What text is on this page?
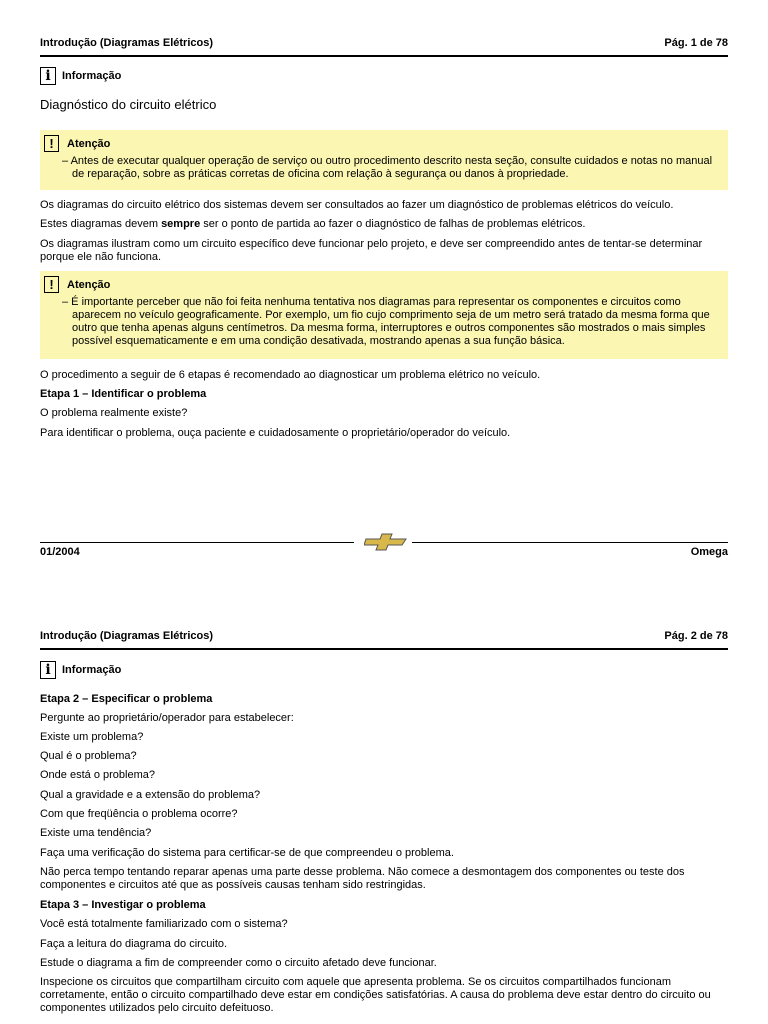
Introdução (Diagramas Elétricos)	Pág. 1 de 78
i	Informação
Diagnóstico do circuito elétrico
!	Atenção
– Antes de executar qualquer operação de serviço ou outro procedimento descrito nesta seção, consulte cuidados e notas no manual de reparação, sobre as práticas corretas de oficina com relação à segurança ou danos à propriedade.
Os diagramas do circuito elétrico dos sistemas devem ser consultados ao fazer um diagnóstico de problemas elétricos do veículo.
Estes diagramas devem sempre ser o ponto de partida ao fazer o diagnóstico de falhas de problemas elétricos.
Os diagramas ilustram como um circuito específico deve funcionar pelo projeto, e deve ser compreendido antes de tentar-se determinar porque ele não funciona.
!	Atenção
– É importante perceber que não foi feita nenhuma tentativa nos diagramas para representar os componentes e circuitos como aparecem no veículo geograficamente. Por exemplo, um fio cujo comprimento seja de um metro será tratado da mesma forma que outro que tenha apenas alguns centímetros. Da mesma forma, interruptores e outros componentes são mostrados o mais simples possível esquematicamente e em uma condição desativada, mostrando apenas a sua função básica.
O procedimento a seguir de 6 etapas é recomendado ao diagnosticar um problema elétrico no veículo.
Etapa 1 – Identificar o problema
O problema realmente existe?
Para identificar o problema, ouça paciente e cuidadosamente o proprietário/operador do veículo.
01/2004	Omega
Introdução (Diagramas Elétricos)	Pág. 2 de 78
i	Informação
Etapa 2 – Especificar o problema
Pergunte ao proprietário/operador para estabelecer:
Existe um problema?
Qual é o problema?
Onde está o problema?
Qual a gravidade e a extensão do problema?
Com que freqüência o problema ocorre?
Existe uma tendência?
Faça uma verificação do sistema para certificar-se de que compreendeu o problema.
Não perca tempo tentando reparar apenas uma parte desse problema. Não comece a desmontagem dos componentes ou teste dos componentes e circuitos até que as possíveis causas tenham sido restringidas.
Etapa 3 – Investigar o problema
Você está totalmente familiarizado com o sistema?
Faça a leitura do diagrama do circuito.
Estude o diagrama a fim de compreender como o circuito afetado deve funcionar.
Inspecione os circuitos que compartilham circuito com aquele que apresenta problema. Se os circuitos compartilhados funcionam corretamente, então o circuito compartilhado deve estar em condições satisfatórias. A causa do problema deve estar dentro do circuito ou componentes utilizados pelo circuito defeituoso.
